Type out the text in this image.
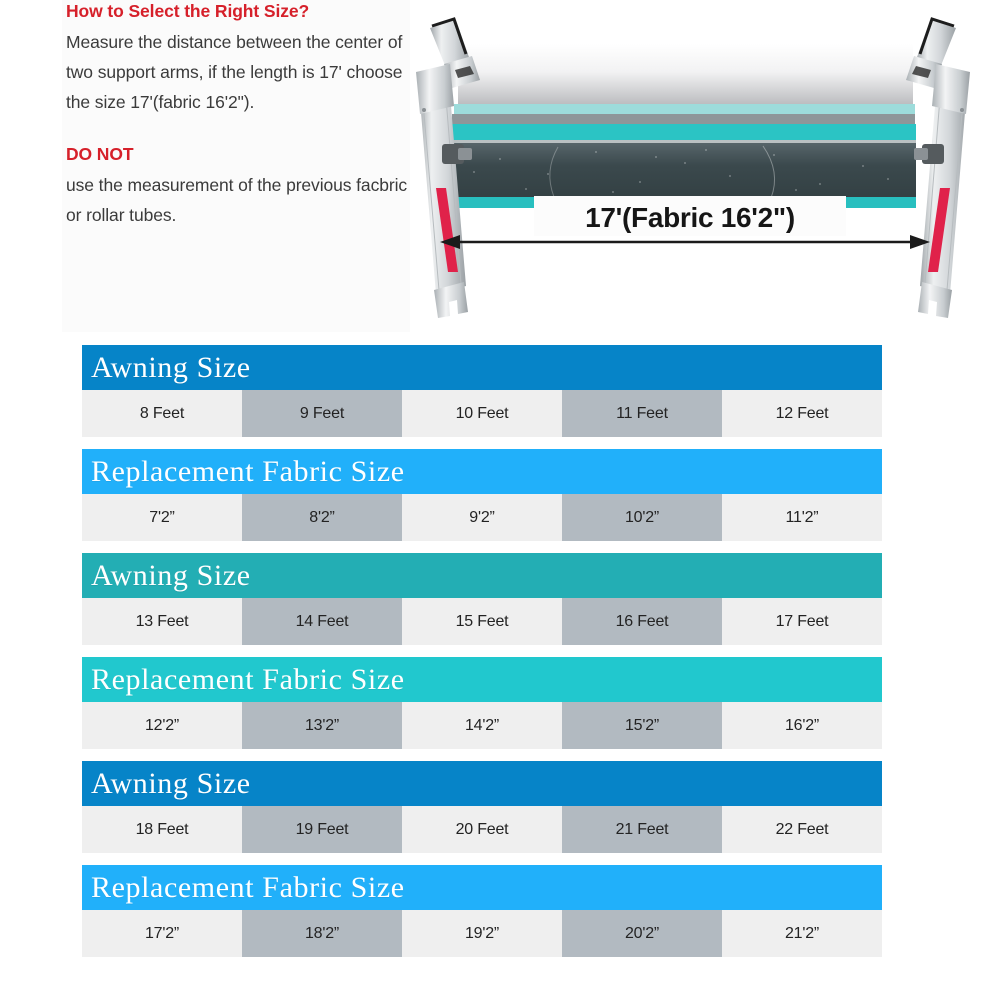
How to Select the Right Size?

Measure the distance between the center of two support arms, if the length is 17' choose the size 17'(fabric 16'2").

DO NOT

use the measurement of the previous facbric or rollar tubes.	17'(Fabric 16'2")
Awning Size
8 Feet	9 Feet	10 Feet	11 Feet	12 Feet
Replacement Fabric Size
7'2”	8'2”	9'2”	10'2”	11'2”
Awning Size
13 Feet	14 Feet	15 Feet	16 Feet	17 Feet
Replacement Fabric Size
12'2”	13'2”	14'2”	15'2”	16'2”
Awning Size
18 Feet	19 Feet	20 Feet	21 Feet	22 Feet
Replacement Fabric Size
17'2”	18'2”	19'2”	20'2”	21'2”
